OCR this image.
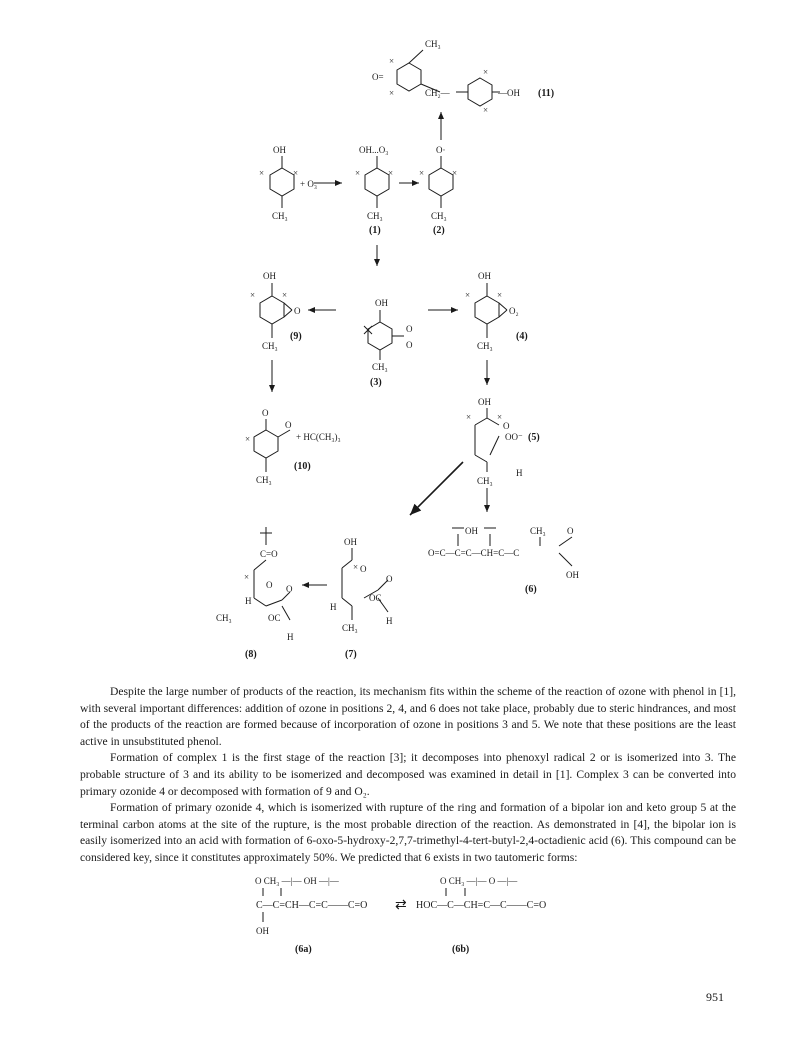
CH₃
O=
×
×	CH₂—
×
×
—OH (11)
OH
×	×
CH₃
+ O₃
OH...O₃
×	×
CH₃
(1)
O·
×	×
CH₃
(2)
OH
×	×
O
CH₃
(9)
OH
O
O
CH₃
(3)
OH
×	×
O₂
CH₃
(4)
O
O
×	+ HC(CH₃)₃
CH₃
(10)
OH
×	×
O
OO⁻ (5)
H
CH₃
OH	CH₃ O
O=C—C=C—CH=C—C
OH
(6)
OH
× O
O
OC
H
H
CH₃
(7)
C=O
×
O
H
O
CH₃	OC
H
(8)

Despite the large number of products of the reaction, its mechanism fits within the scheme of the reaction of ozone with phenol in [1], with several important differences: addition of ozone in positions 2, 4, and 6 does not take place, probably due to steric hindrances, and most of the products of the reaction are formed because of incorporation of ozone in positions 3 and 5. We note that these positions are the least active in unsubstituted phenol.

Formation of complex 1 is the first stage of the reaction [3]; it decomposes into phenoxyl radical 2 or is isomerized into 3. The probable structure of 3 and its ability to be isomerized and decomposed was examined in detail in [1]. Complex 3 can be converted into primary ozonide 4 or decomposed with formation of 9 and O₂.

Formation of primary ozonide 4, which is isomerized with rupture of the ring and formation of a bipolar ion and keto group 5 at the terminal carbon atoms at the site of the rupture, is the most probable direction of the reaction. As demonstrated in [4], the bipolar ion is easily isomerized into an acid with formation of 6-oxo-5-hydroxy-2,7,7-trimethyl-4-tert-butyl-2,4-octadienic acid (6). This compound can be considered key, since it constitutes approximately 50%. We predicted that 6 exists in two tautomeric forms:

O CH₃ —|— OH —|—
C—C=CH—C=C——C=O
OH
⇄
O CH₃ —|— O —|—
HOC—C—CH=C—C——C=O
(6a)	(6b)
951
